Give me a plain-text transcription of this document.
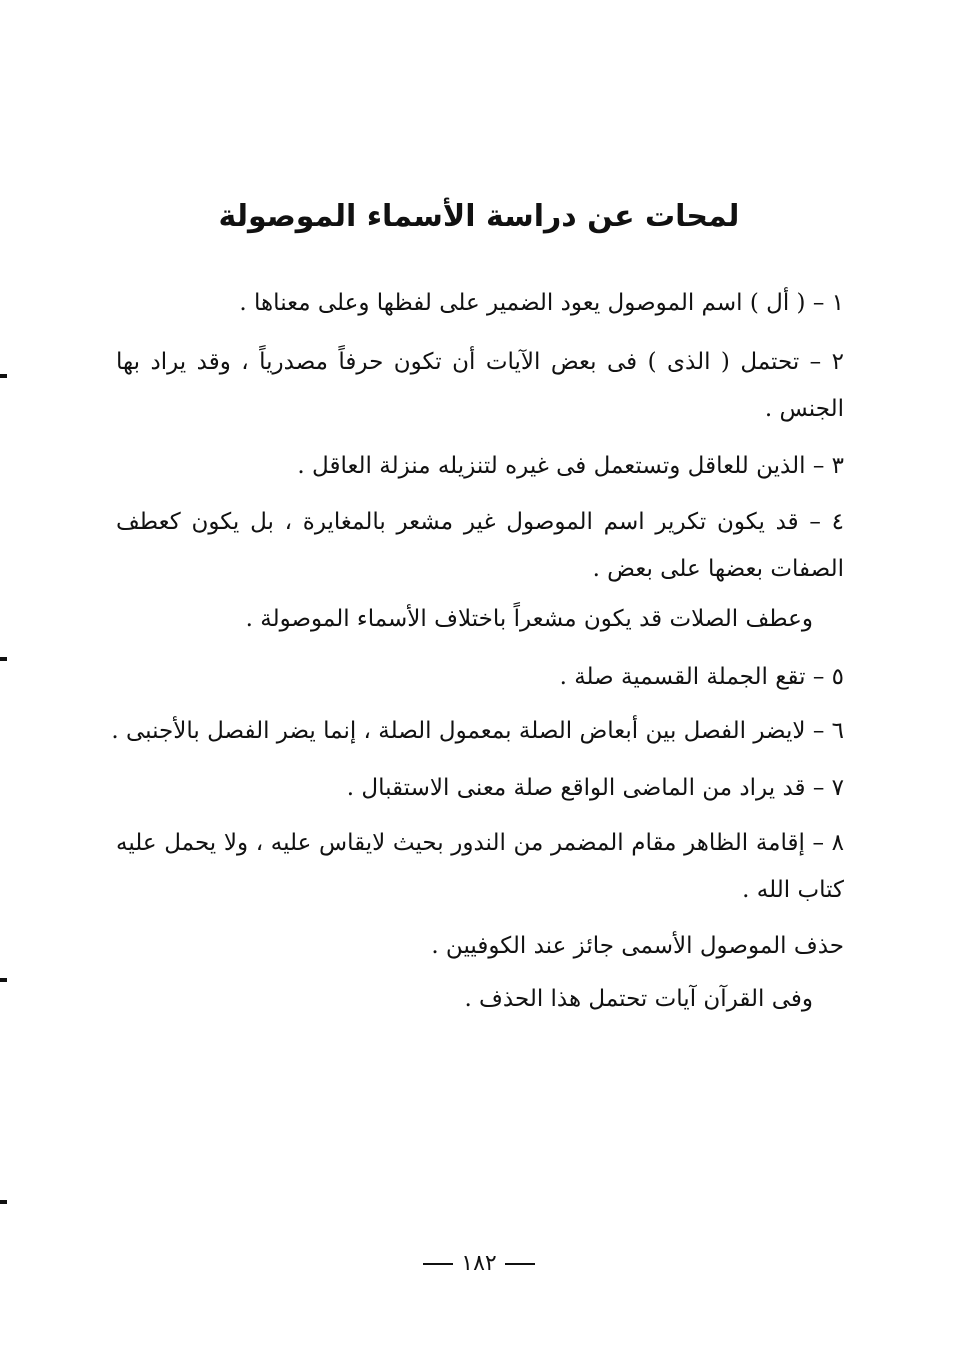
لمحات عن دراسة الأسماء الموصولة

١ – ( أل ) اسم الموصول يعود الضمير على لفظها وعلى معناها .

٢ – تحتمل ( الذى ) فى بعض الآيات أن تكون حرفاً مصدرياً ، وقد يراد بها

الجنس .

٣ – الذين للعاقل وتستعمل فى غيره لتنزيله منزلة العاقل .

٤ – قد يكون تكرير اسم الموصول غير مشعر بالمغايرة ، بل يكون كعطف

الصفات بعضها على بعض .

وعطف الصلات قد يكون مشعراً باختلاف الأسماء الموصولة .

٥ – تقع الجملة القسمية صلة .

٦ – لايضر الفصل بين أبعاض الصلة بمعمول الصلة ، إنما يضر الفصل بالأجنبى .

٧ – قد يراد من الماضى الواقع صلة معنى الاستقبال .

٨ – إقامة الظاهر مقام المضمر من الندور بحيث لايقاس عليه ، ولا يحمل عليه

كتاب الله .

حذف الموصول الأسمى جائز عند الكوفيين .

وفى القرآن آيات تحتمل هذا الحذف .

١٨٢
